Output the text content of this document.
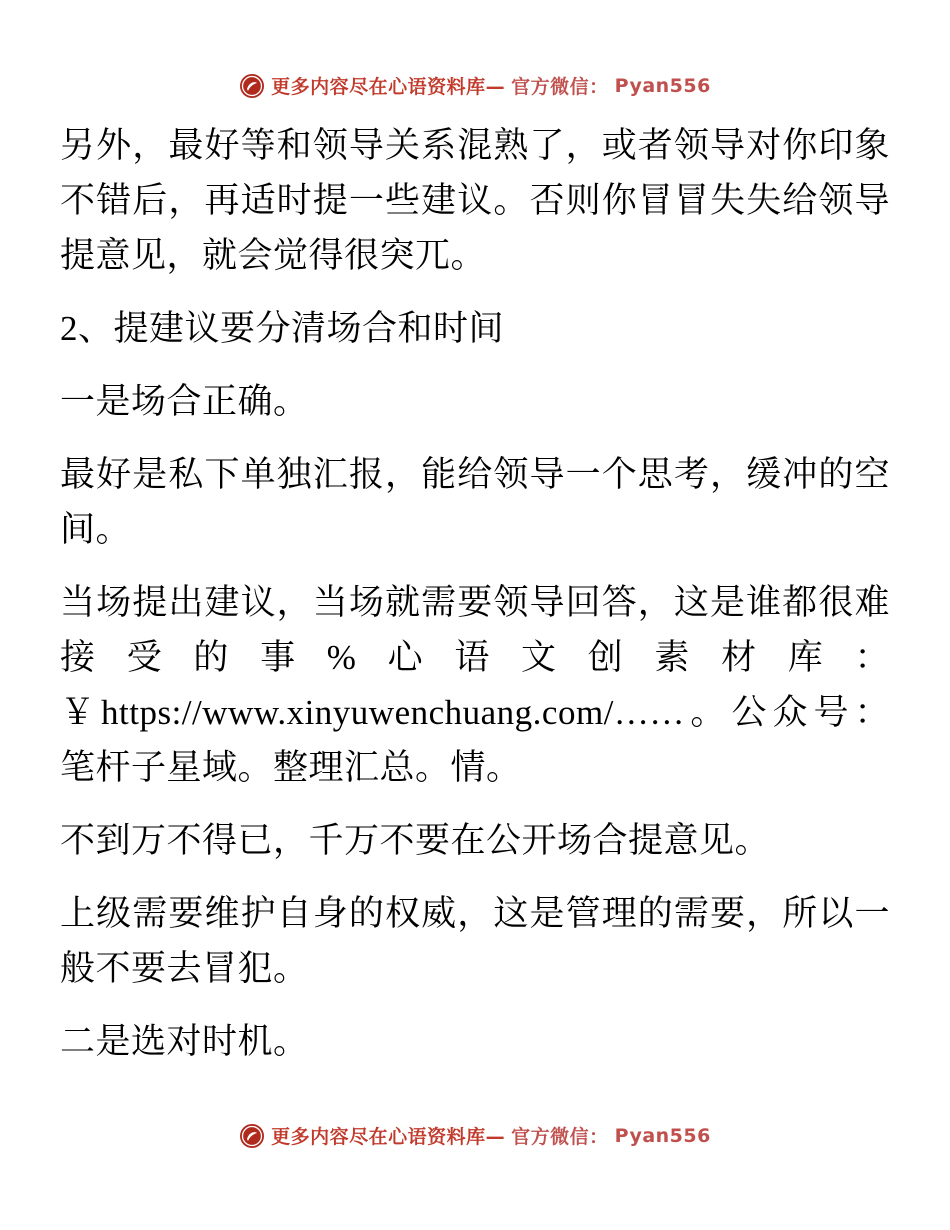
更多内容尽在心语资料库— 官方微信： Pyan556

另外，最好等和领导关系混熟了，或者领导对你印象不错后，再适时提一些建议。否则你冒冒失失给领导提意见，就会觉得很突兀。

2、提建议要分清场合和时间

一是场合正确。

最好是私下单独汇报，能给领导一个思考，缓冲的空间。

当场提出建议，当场就需要领导回答，这是谁都很难接受的事%心语文创素材库：￥https://www.xinyuwenchuang.com/……。公众号：笔杆子星域。整理汇总。情。

不到万不得已，千万不要在公开场合提意见。

上级需要维护自身的权威，这是管理的需要，所以一般不要去冒犯。

二是选对时机。

更多内容尽在心语资料库— 官方微信： Pyan556
